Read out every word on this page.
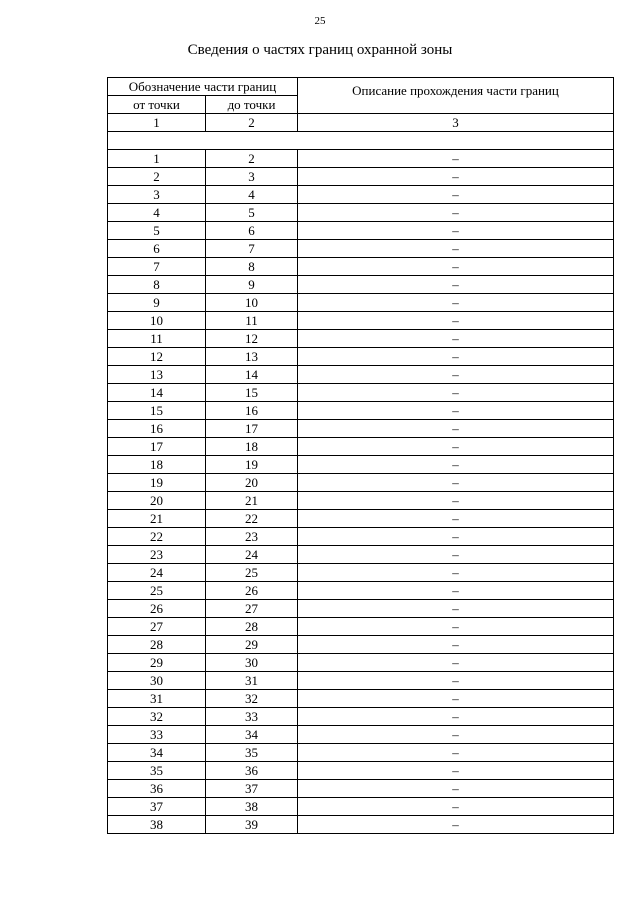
25
Сведения о частях границ охранной зоны
Обозначение части границ		Описание прохождения части границ
от точки	до точки	
1	2	3

1	2	–
2	3	–
3	4	–
4	5	–
5	6	–
6	7	–
7	8	–
8	9	–
9	10	–
10	11	–
11	12	–
12	13	–
13	14	–
14	15	–
15	16	–
16	17	–
17	18	–
18	19	–
19	20	–
20	21	–
21	22	–
22	23	–
23	24	–
24	25	–
25	26	–
26	27	–
27	28	–
28	29	–
29	30	–
30	31	–
31	32	–
32	33	–
33	34	–
34	35	–
35	36	–
36	37	–
37	38	–
38	39	–
